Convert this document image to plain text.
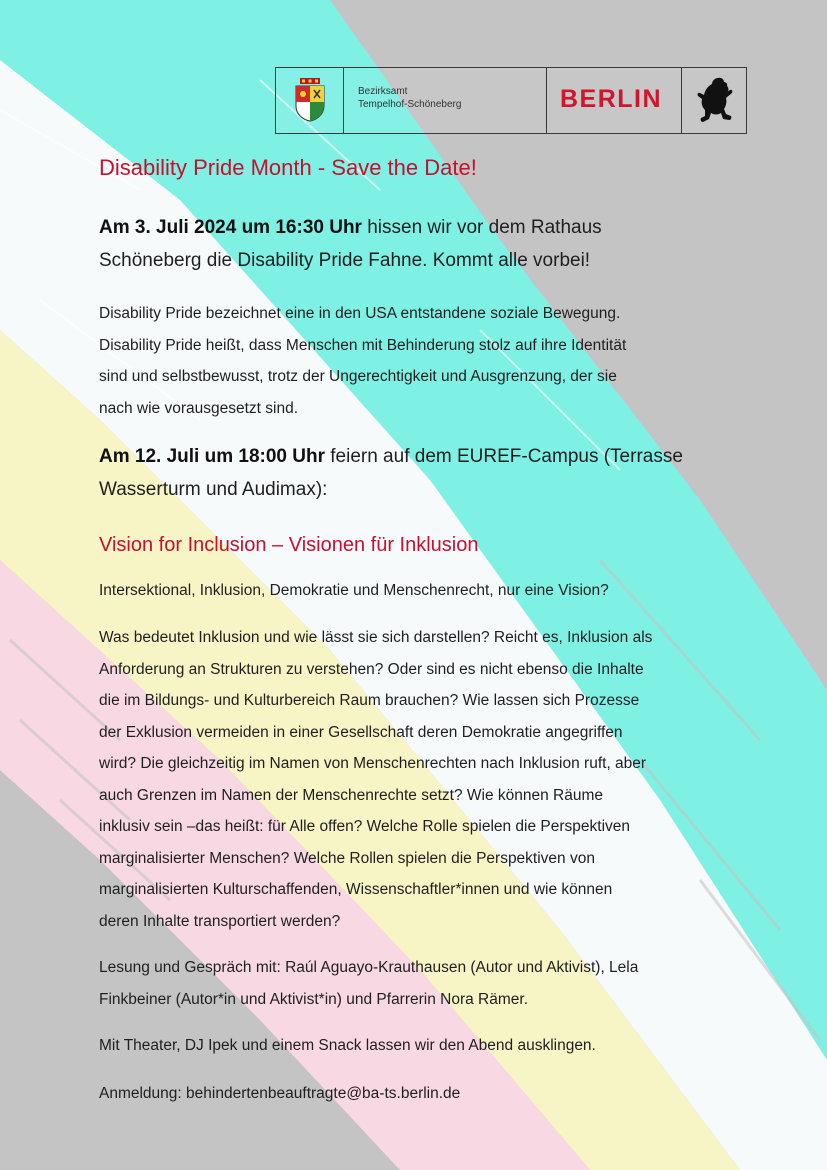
Bezirksamt
Tempelhof-Schöneberg	BERLIN
Disability Pride Month - Save the Date!
Am 3. Juli 2024 um 16:30 Uhr hissen wir vor dem Rathaus
Schöneberg die Disability Pride Fahne. Kommt alle vorbei!
Disability Pride bezeichnet eine in den USA entstandene soziale Bewegung.
Disability Pride heißt, dass Menschen mit Behinderung stolz auf ihre Identität
sind und selbstbewusst, trotz der Ungerechtigkeit und Ausgrenzung, der sie
nach wie vorausgesetzt sind.
Am 12. Juli um 18:00 Uhr feiern auf dem EUREF-Campus (Terrasse
Wasserturm und Audimax):
Vision for Inclusion – Visionen für Inklusion
Intersektional, Inklusion, Demokratie und Menschenrecht, nur eine Vision?
Was bedeutet Inklusion und wie lässt sie sich darstellen? Reicht es, Inklusion als
Anforderung an Strukturen zu verstehen? Oder sind es nicht ebenso die Inhalte
die im Bildungs- und Kulturbereich Raum brauchen? Wie lassen sich Prozesse
der Exklusion vermeiden in einer Gesellschaft deren Demokratie angegriffen
wird? Die gleichzeitig im Namen von Menschenrechten nach Inklusion ruft, aber
auch Grenzen im Namen der Menschenrechte setzt? Wie können Räume
inklusiv sein –das heißt: für Alle offen? Welche Rolle spielen die Perspektiven
marginalisierter Menschen? Welche Rollen spielen die Perspektiven von
marginalisierten Kulturschaffenden, Wissenschaftler*innen und wie können
deren Inhalte transportiert werden?
Lesung und Gespräch mit: Raúl Aguayo-Krauthausen (Autor und Aktivist), Lela
Finkbeiner (Autor*in und Aktivist*in) und Pfarrerin Nora Rämer.
Mit Theater, DJ Ipek und einem Snack lassen wir den Abend ausklingen.
Anmeldung: behindertenbeauftragte@ba-ts.berlin.de
